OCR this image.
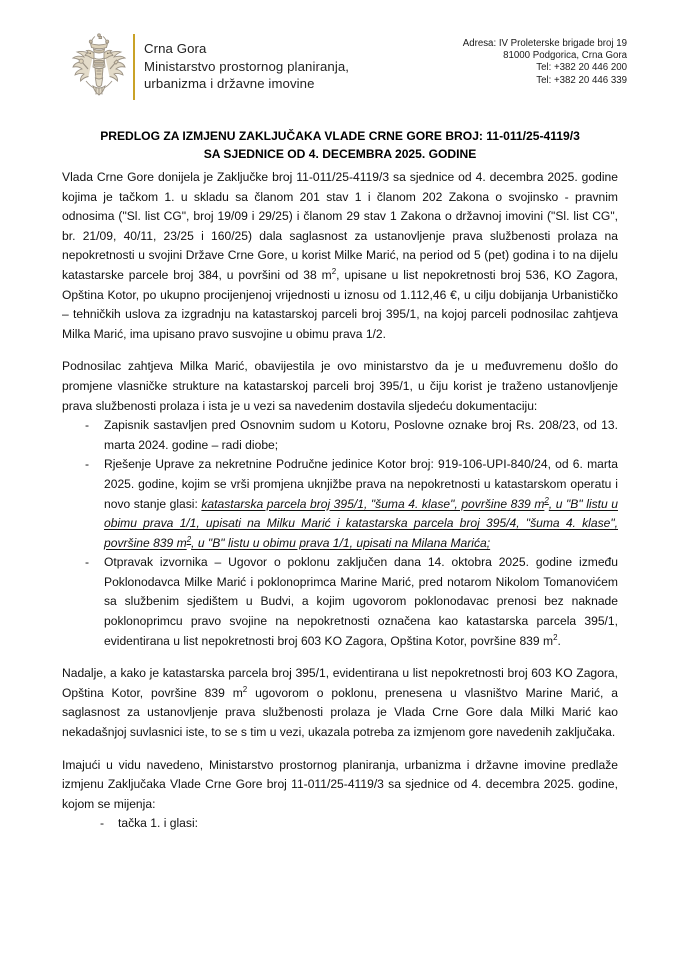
Crna Gora
Ministarstvo prostornog planiranja,
urbanizma i državne imovine
Adresa: IV Proleterske brigade broj 19
81000 Podgorica, Crna Gora
Tel: +382 20 446 200
Tel: +382 20 446 339
PREDLOG ZA IZMJENU ZAKLJUČAKA VLADE CRNE GORE BROJ: 11-011/25-4119/3
SA SJEDNICE OD 4. DECEMBRA 2025. GODINE

Vlada Crne Gore donijela je Zaključke broj 11-011/25-4119/3 sa sjednice od 4. decembra 2025. godine kojima je tačkom 1. u skladu sa članom 201 stav 1 i članom 202 Zakona o svojinsko - pravnim odnosima ("Sl. list CG", broj 19/09 i 29/25) i članom 29 stav 1 Zakona o državnoj imovini ("Sl. list CG", br. 21/09, 40/11, 23/25 i 160/25) dala saglasnost za ustanovljenje prava službenosti prolaza na nepokretnosti u svojini Države Crne Gore, u korist Milke Marić, na period od 5 (pet) godina i to na dijelu katastarske parcele broj 384, u površini od 38 $m^2$, upisane u list nepokretnosti broj 536, KO Zagora, Opština Kotor, po ukupno procijenjenoj vrijednosti u iznosu od 1.112,46 €, u cilju dobijanja Urbanističko – tehničkih uslova za izgradnju na katastarskoj parceli broj 395/1, na kojoj parceli podnosilac zahtjeva Milka Marić, ima upisano pravo susvojine u obimu prava 1/2.

Podnosilac zahtjeva Milka Marić, obavijestila je ovo ministarstvo da je u međuvremenu došlo do promjene vlasničke strukture na katastarskoj parceli broj 395/1, u čiju korist je traženo ustanovljenje prava službenosti prolaza i ista je u vezi sa navedenim dostavila sljedeću dokumentaciju:

- Zapisnik sastavljen pred Osnovnim sudom u Kotoru, Poslovne oznake broj Rs. 208/23, od 13. marta 2024. godine – radi diobe;
- Rješenje Uprave za nekretnine Područne jedinice Kotor broj: 919-106-UPI-840/24, od 6. marta 2025. godine, kojim se vrši promjena uknjižbe prava na nepokretnosti u katastarskom operatu i novo stanje glasi: katastarska parcela broj 395/1, "šuma 4. klase", površine 839 $m^2$, u "B" listu u obimu prava 1/1, upisati na Milku Marić i katastarska parcela broj 395/4, "šuma 4. klase", površine 839 $m^2$, u "B" listu u obimu prava 1/1, upisati na Milana Marića;
- Otpravak izvornika – Ugovor o poklonu zaključen dana 14. oktobra 2025. godine između Poklonodavca Milke Marić i poklonoprimca Marine Marić, pred notarom Nikolom Tomanovićem sa službenim sjedištem u Budvi, a kojim ugovorom poklonodavac prenosi bez naknade poklonoprimcu pravo svojine na nepokretnosti označena kao katastarska parcela 395/1, evidentirana u list nepokretnosti broj 603 KO Zagora, Opština Kotor, površine 839 $m^2$.

Nadalje, a kako je katastarska parcela broj 395/1, evidentirana u list nepokretnosti broj 603 KO Zagora, Opština Kotor, površine 839 $m^2$ ugovorom o poklonu, prenesena u vlasništvo Marine Marić, a saglasnost za ustanovljenje prava službenosti prolaza je Vlada Crne Gore dala Milki Marić kao nekadašnjoj suvlasnici iste, to se s tim u vezi, ukazala potreba za izmjenom gore navedenih zaključaka.

Imajući u vidu navedeno, Ministarstvo prostornog planiranja, urbanizma i državne imovine predlaže izmjenu Zaključaka Vlade Crne Gore broj 11-011/25-4119/3 sa sjednice od 4. decembra 2025. godine, kojom se mijenja:

- tačka 1. i glasi:
